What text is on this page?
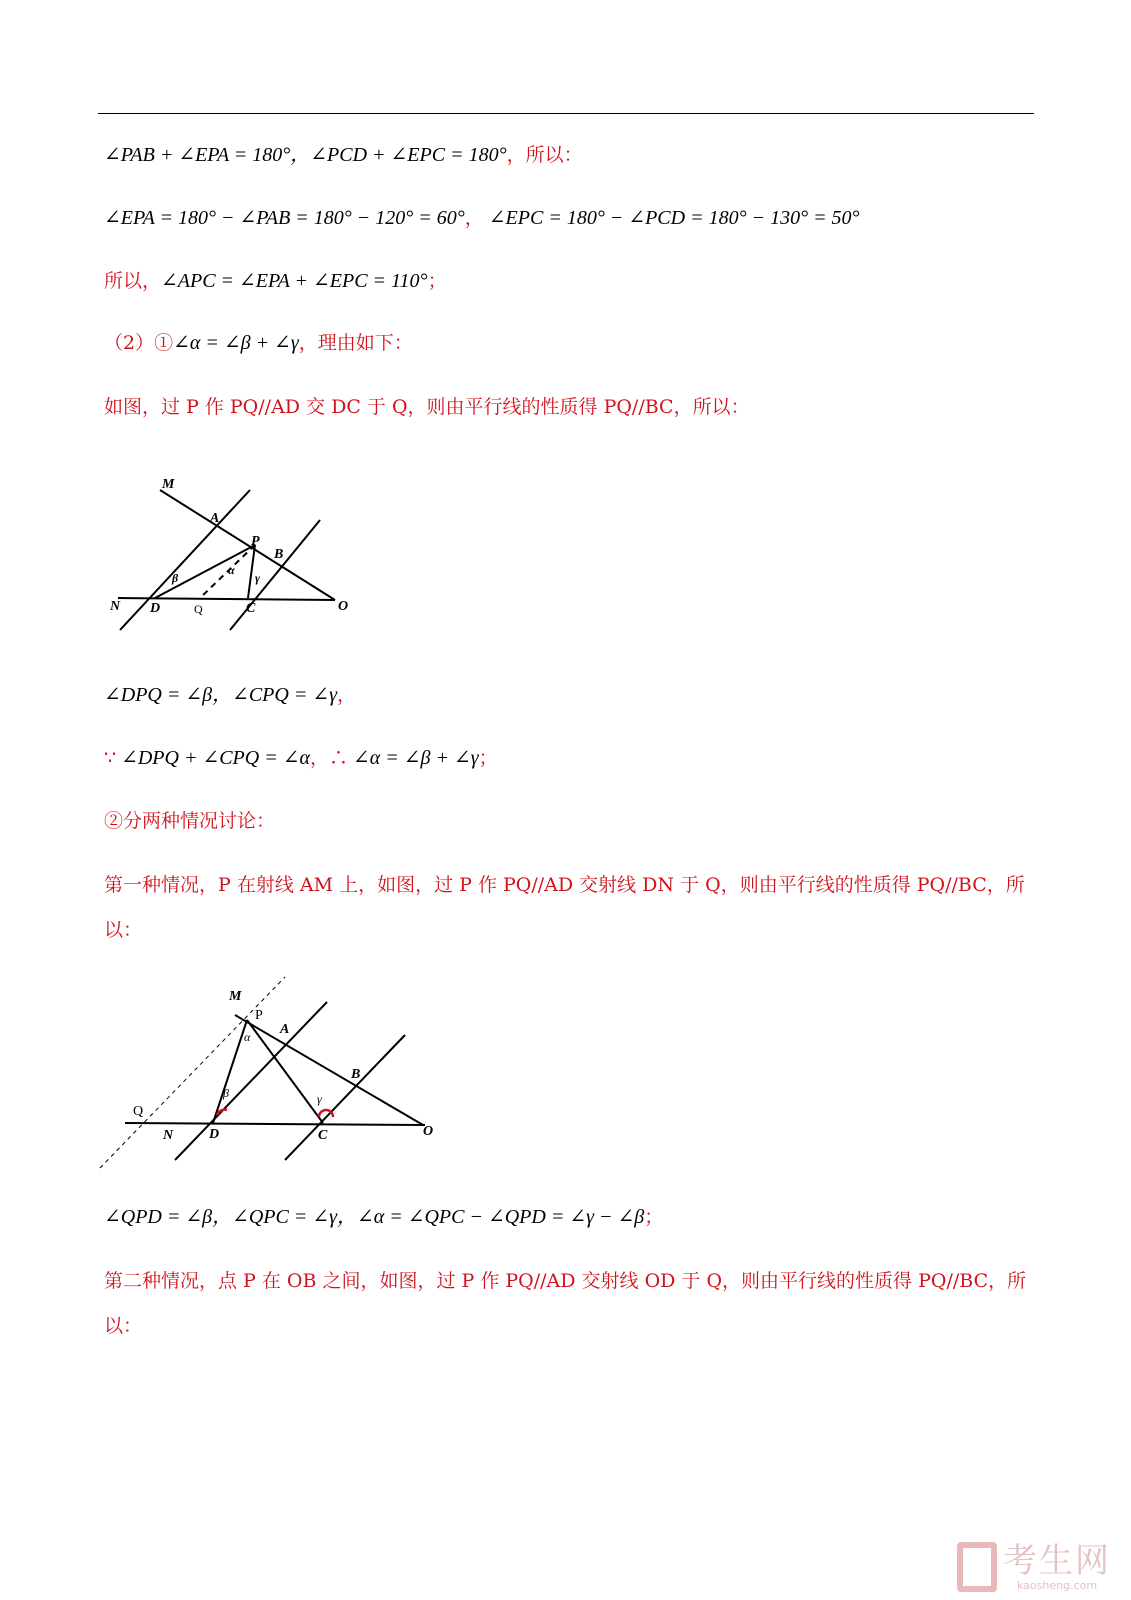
∠PAB + ∠EPA = 180°，∠PCD + ∠EPC = 180°，所以：
∠EPA = 180° − ∠PAB = 180° − 120° = 60°， ∠EPC = 180° − ∠PCD = 180° − 130° = 50°
所以，∠APC = ∠EPA + ∠EPC = 110°；
（2）①∠α = ∠β + ∠γ，理由如下：
如图，过 P 作 PQ//AD 交 DC 于 Q，则由平行线的性质得 PQ//BC，所以：
M
A
P
B
N D	Q	C	O
α
β	γ
∠DPQ = ∠β，∠CPQ = ∠γ，
∵ ∠DPQ + ∠CPQ = ∠α，∴ ∠α = ∠β + ∠γ；
②分两种情况讨论：
第一种情况，P 在射线 AM 上，如图，过 P 作 PQ//AD 交射线 DN 于 Q，则由平行线的性质得 PQ//BC，所
以：
M
P
A
B
Q
N	D	C	O
α
β	γ
∠QPD = ∠β，∠QPC = ∠γ，∠α = ∠QPC − ∠QPD = ∠γ − ∠β；
第二种情况，点 P 在 OB 之间，如图，过 P 作 PQ//AD 交射线 OD 于 Q，则由平行线的性质得 PQ//BC，所
以：
考生网
kaosheng.com
